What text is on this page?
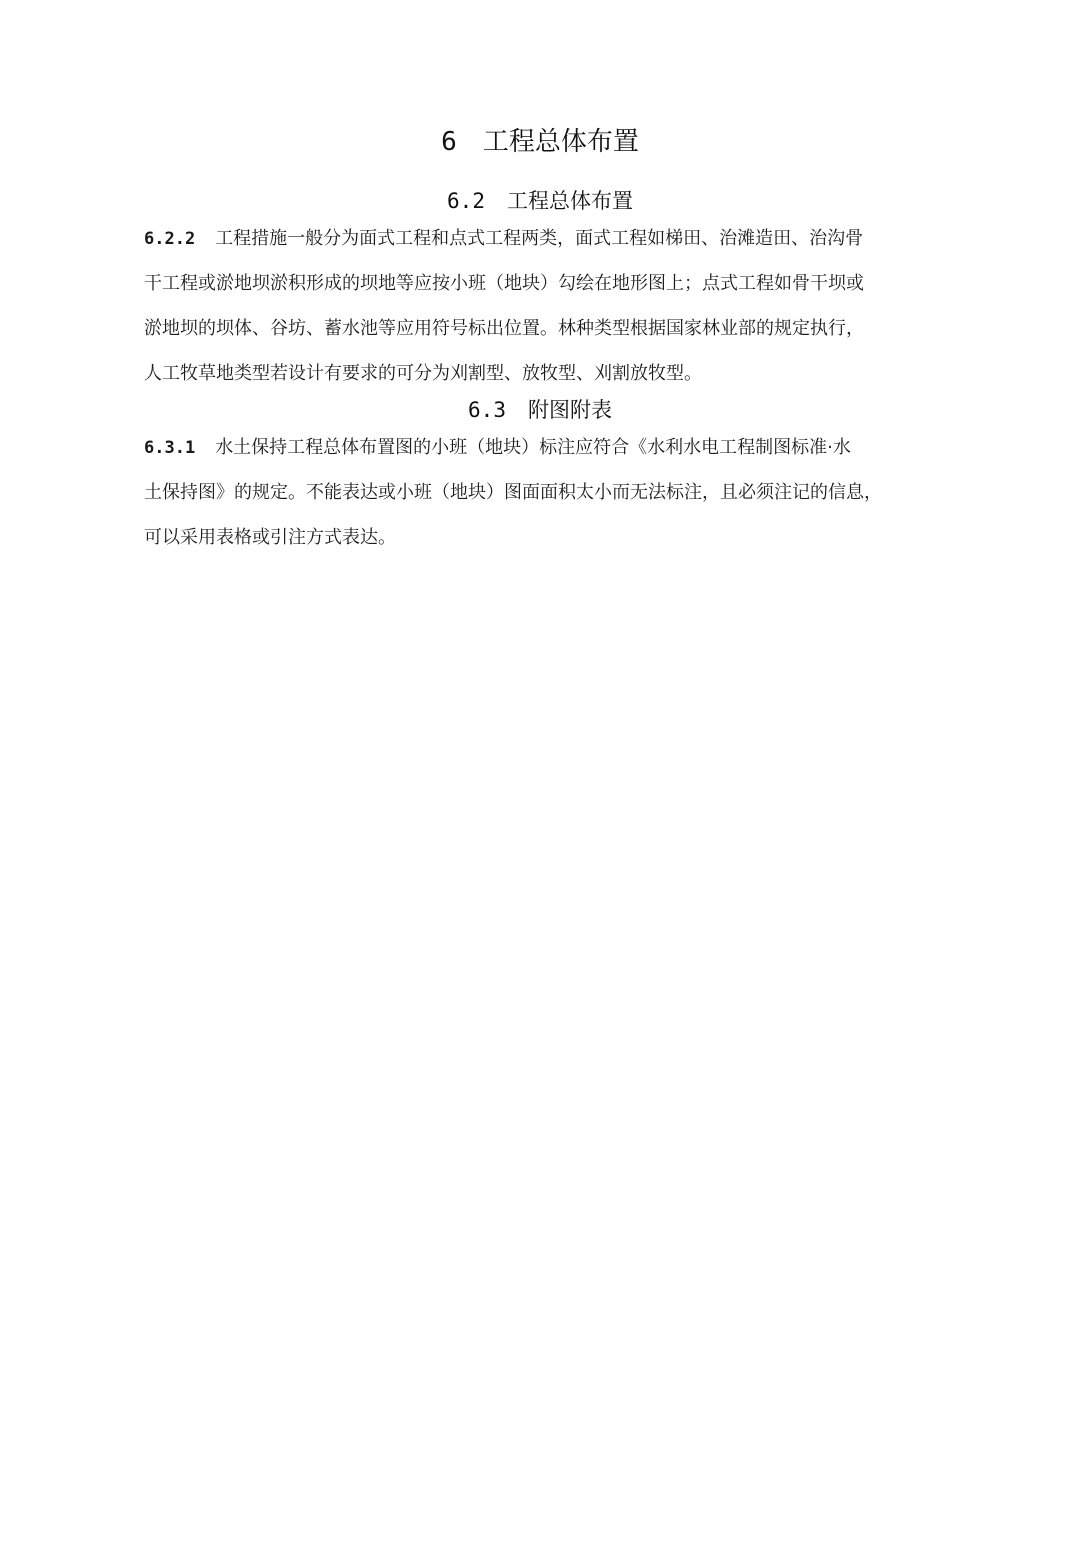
6 工程总体布置
6.2 工程总体布置
6.2.2 工程措施一般分为面式工程和点式工程两类，面式工程如梯田、治滩造田、治沟骨
干工程或淤地坝淤积形成的坝地等应按小班（地块）勾绘在地形图上；点式工程如骨干坝或
淤地坝的坝体、谷坊、蓄水池等应用符号标出位置。林种类型根据国家林业部的规定执行，
人工牧草地类型若设计有要求的可分为刈割型、放牧型、刈割放牧型。
6.3 附图附表
6.3.1 水土保持工程总体布置图的小班（地块）标注应符合《水利水电工程制图标准·水
土保持图》的规定。不能表达或小班（地块）图面面积太小而无法标注，且必须注记的信息，
可以采用表格或引注方式表达。
